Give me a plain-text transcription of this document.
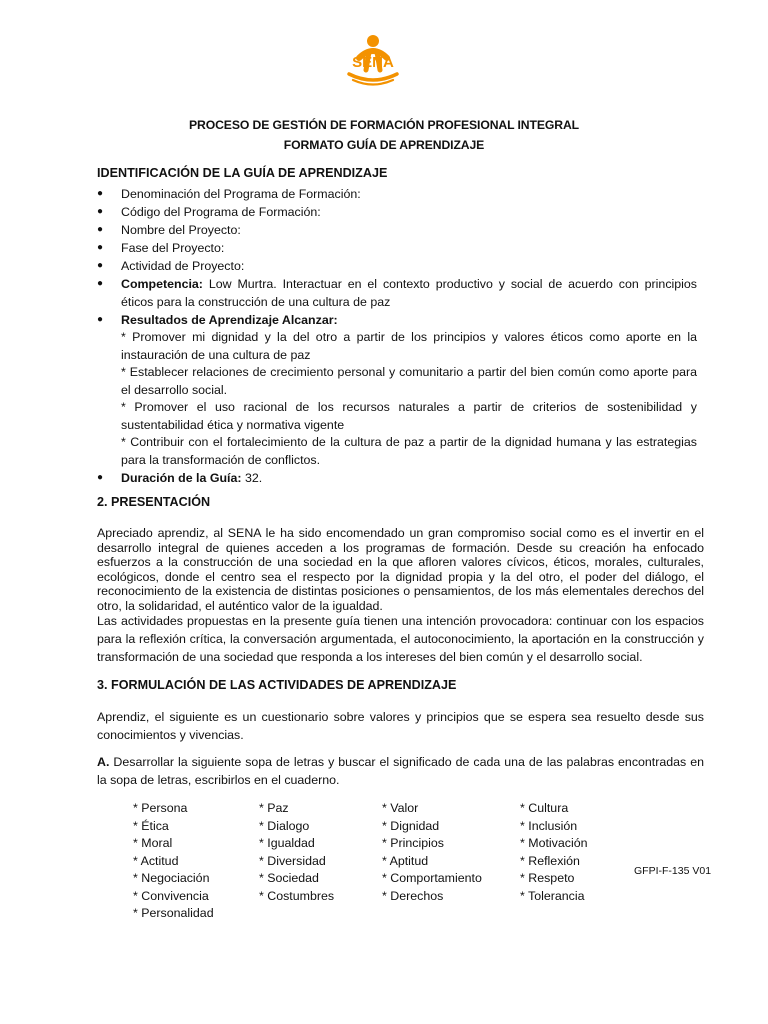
SENA
PROCESO DE GESTIÓN DE FORMACIÓN PROFESIONAL INTEGRAL
FORMATO GUÍA DE APRENDIZAJE
IDENTIFICACIÓN DE LA GUÍA DE APRENDIZAJE
●	Denominación del Programa de Formación:
●	Código del Programa de Formación:
●	Nombre del Proyecto:
●	Fase del Proyecto:
●	Actividad de Proyecto:
●	Competencia: Low Murtra. Interactuar en el contexto productivo y social de acuerdo con principios éticos para la construcción de una cultura de paz
●	Resultados de Aprendizaje Alcanzar:
* Promover mi dignidad y la del otro a partir de los principios y valores éticos como aporte en la instauración de una cultura de paz
* Establecer relaciones de crecimiento personal y comunitario a partir del bien común como aporte para el desarrollo social.
* Promover el uso racional de los recursos naturales a partir de criterios de sostenibilidad y sustentabilidad ética y normativa vigente
* Contribuir con el fortalecimiento de la cultura de paz a partir de la dignidad humana y las estrategias para la transformación de conflictos.
●	Duración de la Guía: 32.
2. PRESENTACIÓN
Apreciado aprendiz, al SENA le ha sido encomendado un gran compromiso social como es el invertir en el desarrollo integral de quienes acceden a los programas de formación. Desde su creación ha enfocado esfuerzos a la construcción de una sociedad en la que afloren valores cívicos, éticos, morales, culturales, ecológicos, donde el centro sea el respecto por la dignidad propia y la del otro, el poder del diálogo, el reconocimiento de la existencia de distintas posiciones o pensamientos, de los más elementales derechos del otro, la solidaridad, el auténtico valor de la igualdad.
Las actividades propuestas en la presente guía tienen una intención provocadora: continuar con los espacios para la reflexión crítica, la conversación argumentada, el autoconocimiento, la aportación en la construcción y transformación de una sociedad que responda a los intereses del bien común y el desarrollo social.
3. FORMULACIÓN DE LAS ACTIVIDADES DE APRENDIZAJE
Aprendiz, el siguiente es un cuestionario sobre valores y principios que se espera sea resuelto desde sus conocimientos y vivencias.
A. Desarrollar la siguiente sopa de letras y buscar el significado de cada una de las palabras encontradas en la sopa de letras, escribirlos en el cuaderno.
* Persona
* Ética
* Moral
* Actitud
* Negociación
* Convivencia
* Personalidad
* Paz
* Dialogo
* Igualdad
* Diversidad
* Sociedad
* Costumbres
* Valor
* Dignidad
* Principios
* Aptitud
* Comportamiento
* Derechos
* Cultura
* Inclusión
* Motivación
* Reflexión
* Respeto
* Tolerancia
GFPI-F-135 V01
